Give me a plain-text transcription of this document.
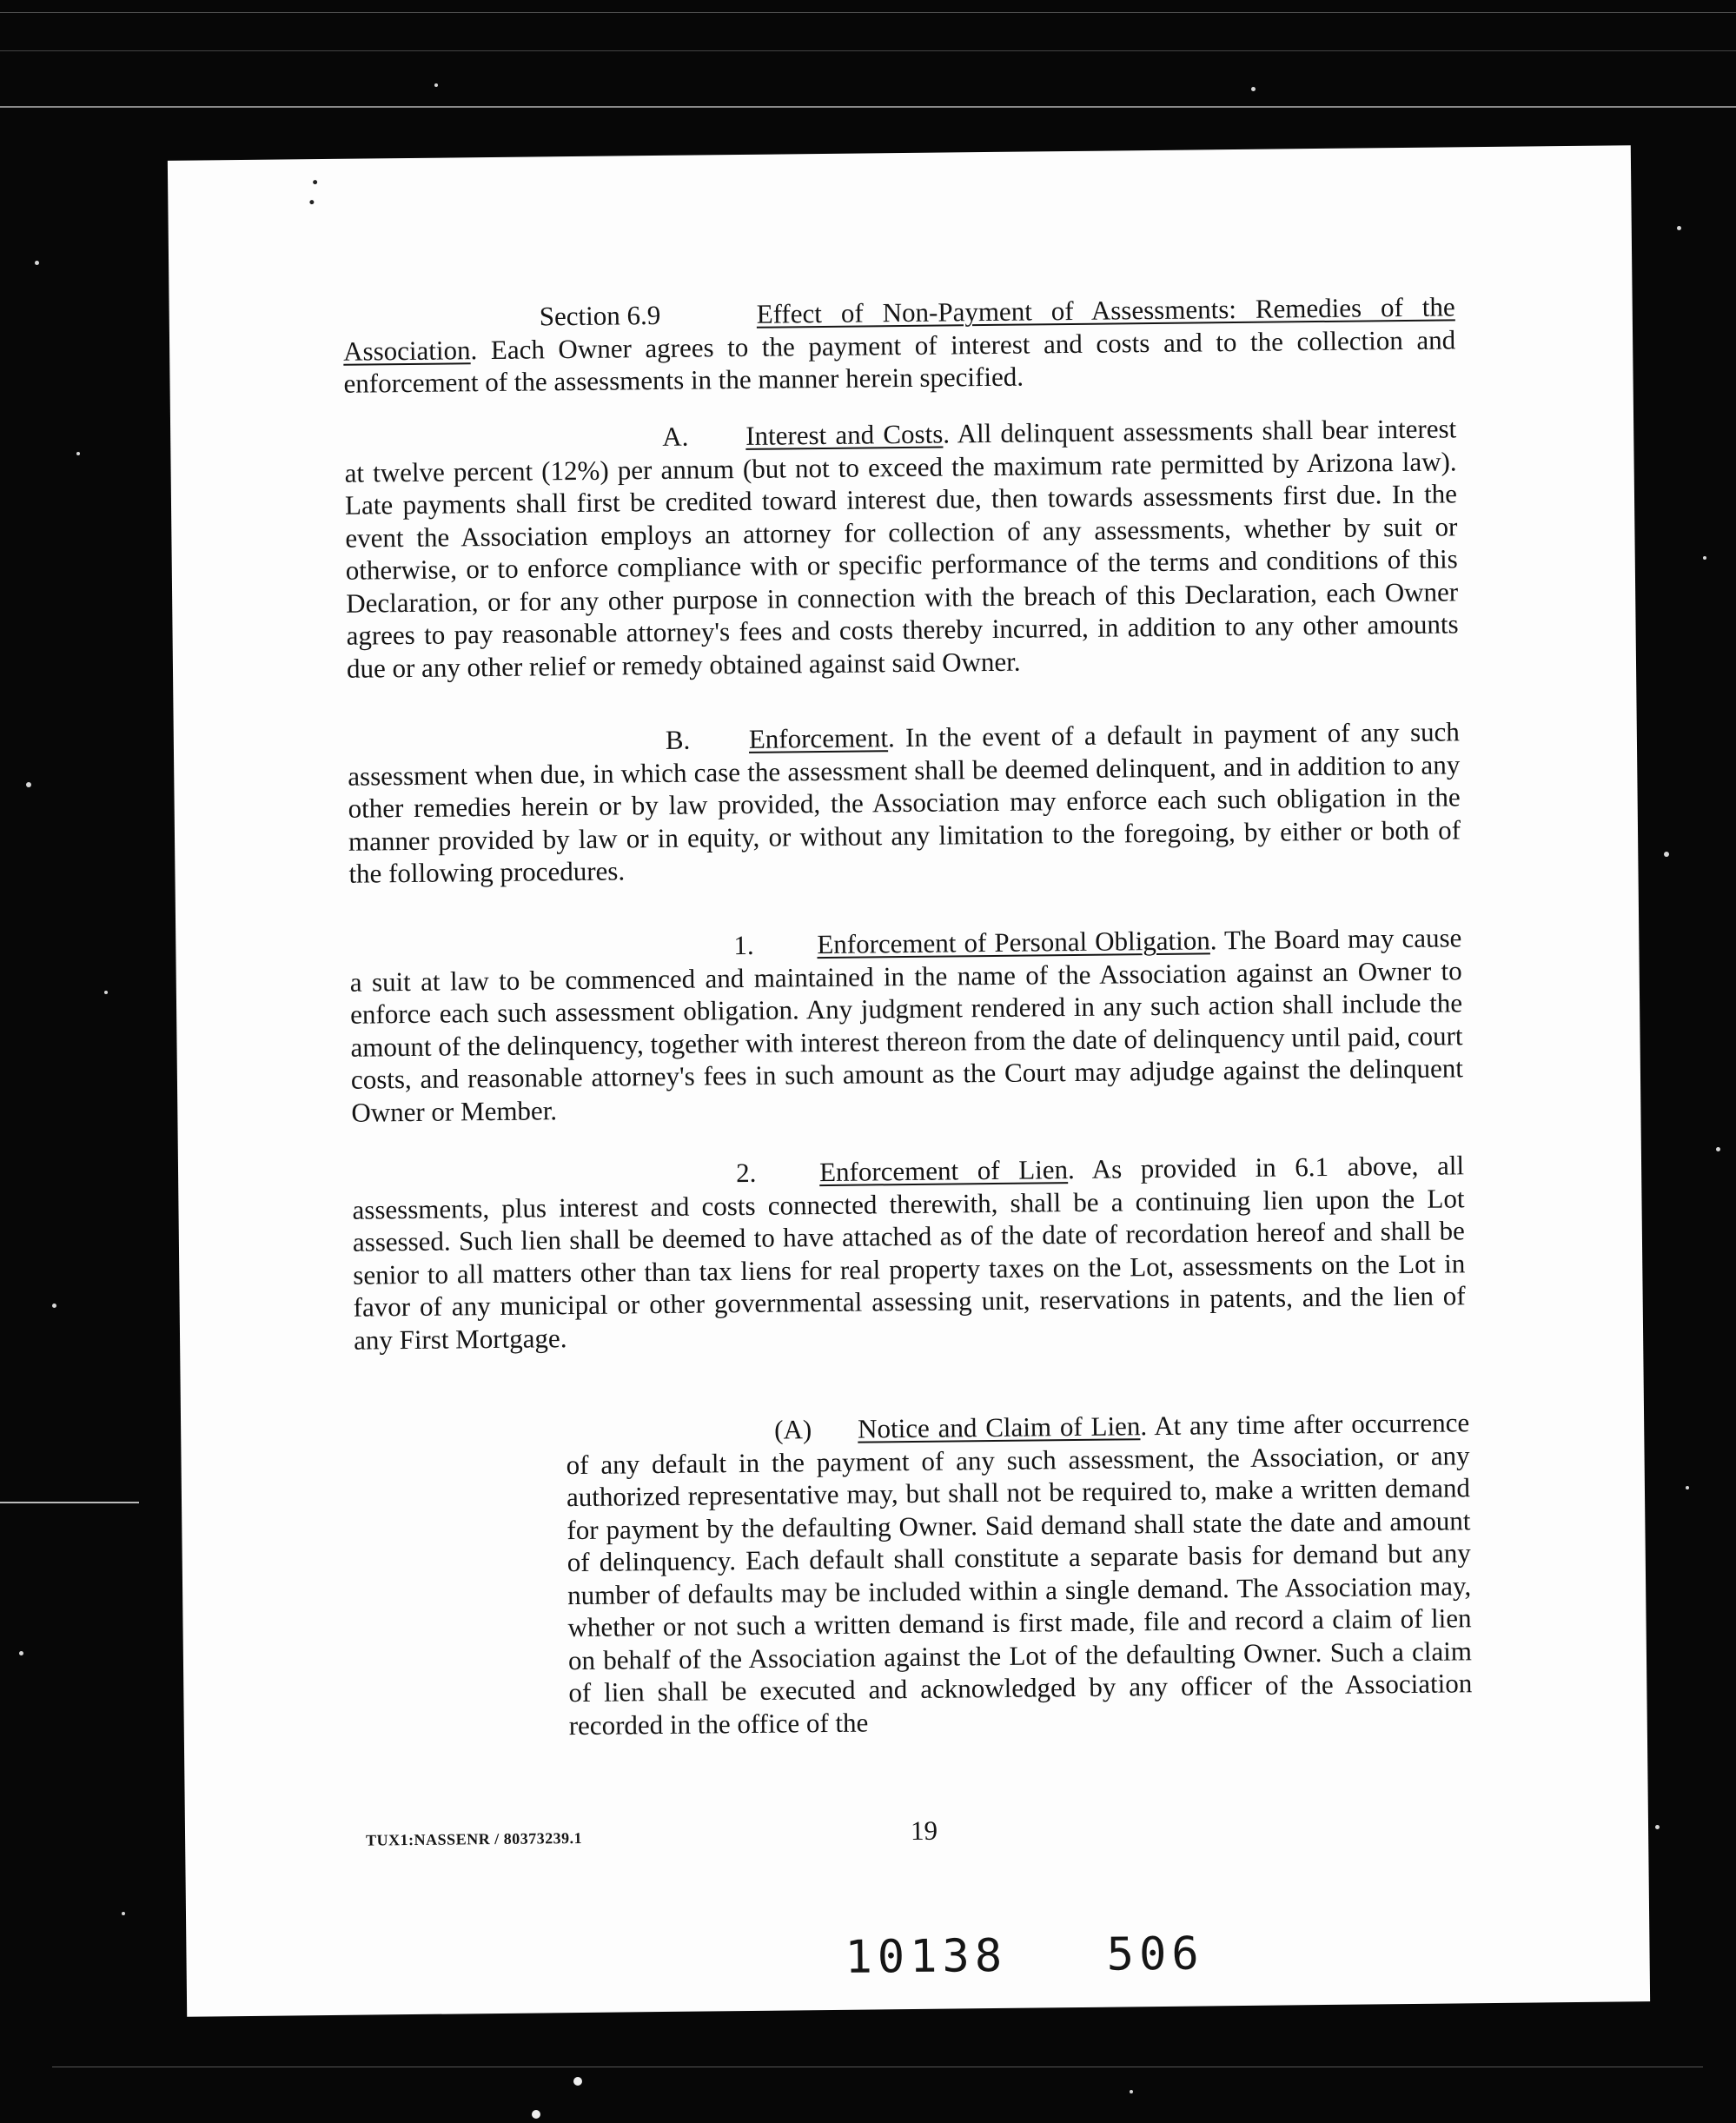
Section 6.9	Effect of Non-Payment of Assessments: Remedies of the Association. Each Owner agrees to the payment of interest and costs and to the collection and enforcement of the assessments in the manner herein specified.

A. Interest and Costs. All delinquent assessments shall bear interest at twelve percent (12%) per annum (but not to exceed the maximum rate permitted by Arizona law). Late payments shall first be credited toward interest due, then towards assessments first due. In the event the Association employs an attorney for collection of any assessments, whether by suit or otherwise, or to enforce compliance with or specific performance of the terms and conditions of this Declaration, or for any other purpose in connection with the breach of this Declaration, each Owner agrees to pay reasonable attorney's fees and costs thereby incurred, in addition to any other amounts due or any other relief or remedy obtained against said Owner.

B. Enforcement. In the event of a default in payment of any such assessment when due, in which case the assessment shall be deemed delinquent, and in addition to any other remedies herein or by law provided, the Association may enforce each such obligation in the manner provided by law or in equity, or without any limitation to the foregoing, by either or both of the following procedures.

1. Enforcement of Personal Obligation. The Board may cause a suit at law to be commenced and maintained in the name of the Association against an Owner to enforce each such assessment obligation. Any judgment rendered in any such action shall include the amount of the delinquency, together with interest thereon from the date of delinquency until paid, court costs, and reasonable attorney's fees in such amount as the Court may adjudge against the delinquent Owner or Member.

2. Enforcement of Lien. As provided in 6.1 above, all assessments, plus interest and costs connected therewith, shall be a continuing lien upon the Lot assessed. Such lien shall be deemed to have attached as of the date of recordation hereof and shall be senior to all matters other than tax liens for real property taxes on the Lot, assessments on the Lot in favor of any municipal or other governmental assessing unit, reservations in patents, and the lien of any First Mortgage.

(A) Notice and Claim of Lien. At any time after occurrence of any default in the payment of any such assessment, the Association, or any authorized representative may, but shall not be required to, make a written demand for payment by the defaulting Owner. Said demand shall state the date and amount of delinquency. Each default shall constitute a separate basis for demand but any number of defaults may be included within a single demand. The Association may, whether or not such a written demand is first made, file and record a claim of lien on behalf of the Association against the Lot of the defaulting Owner. Such a claim of lien shall be executed and acknowledged by any officer of the Association recorded in the office of the

TUX1:NASSENR / 80373239.1	19
10138 506
